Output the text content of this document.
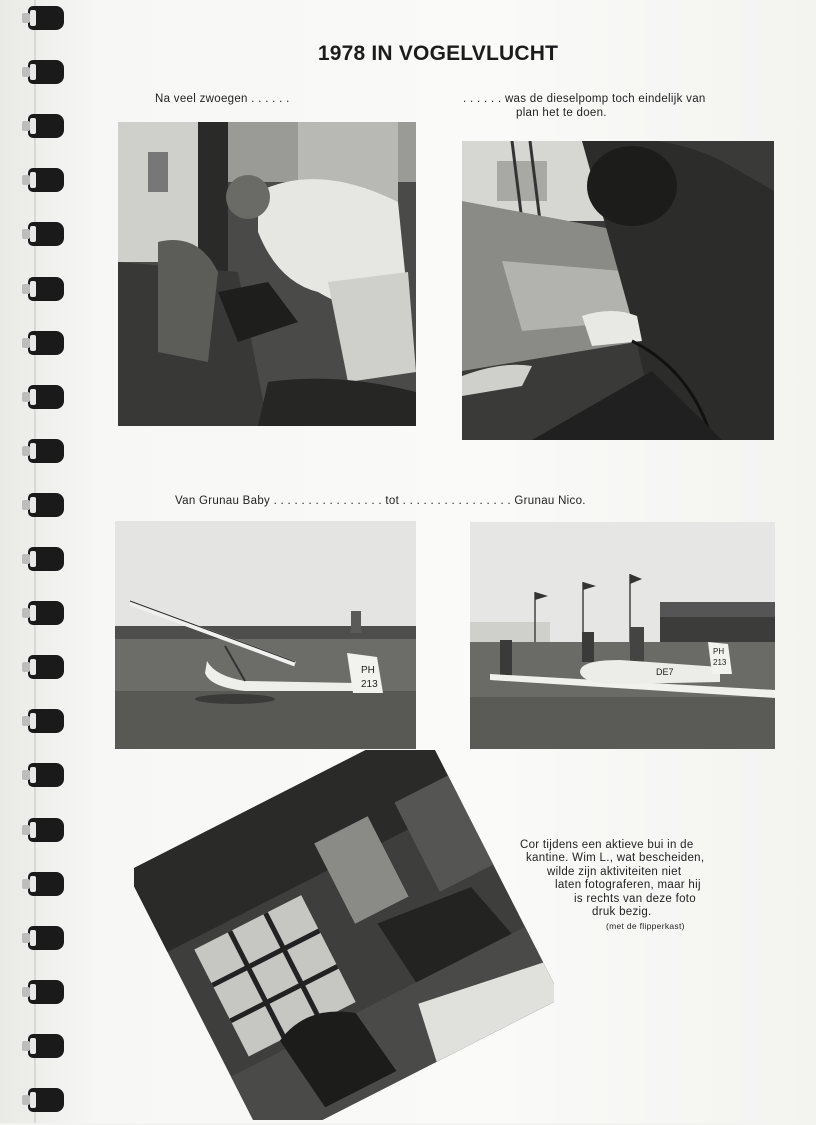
1978 IN VOGELVLUCHT
Na veel zwoegen . . . . . .	. . . . . . was de dieselpomp toch eindelijk van
plan het te doen.
Van Grunau Baby . . . . . . . . . . . . . . . . tot . . . . . . . . . . . . . . . . Grunau Nico.
PH
213
DE7
PH
213
Cor tijdens een aktieve bui in de
kantine. Wim L., wat bescheiden,
wilde zijn aktiviteiten niet
laten fotograferen, maar hij
is rechts van deze foto
druk bezig.
(met de flipperkast)
